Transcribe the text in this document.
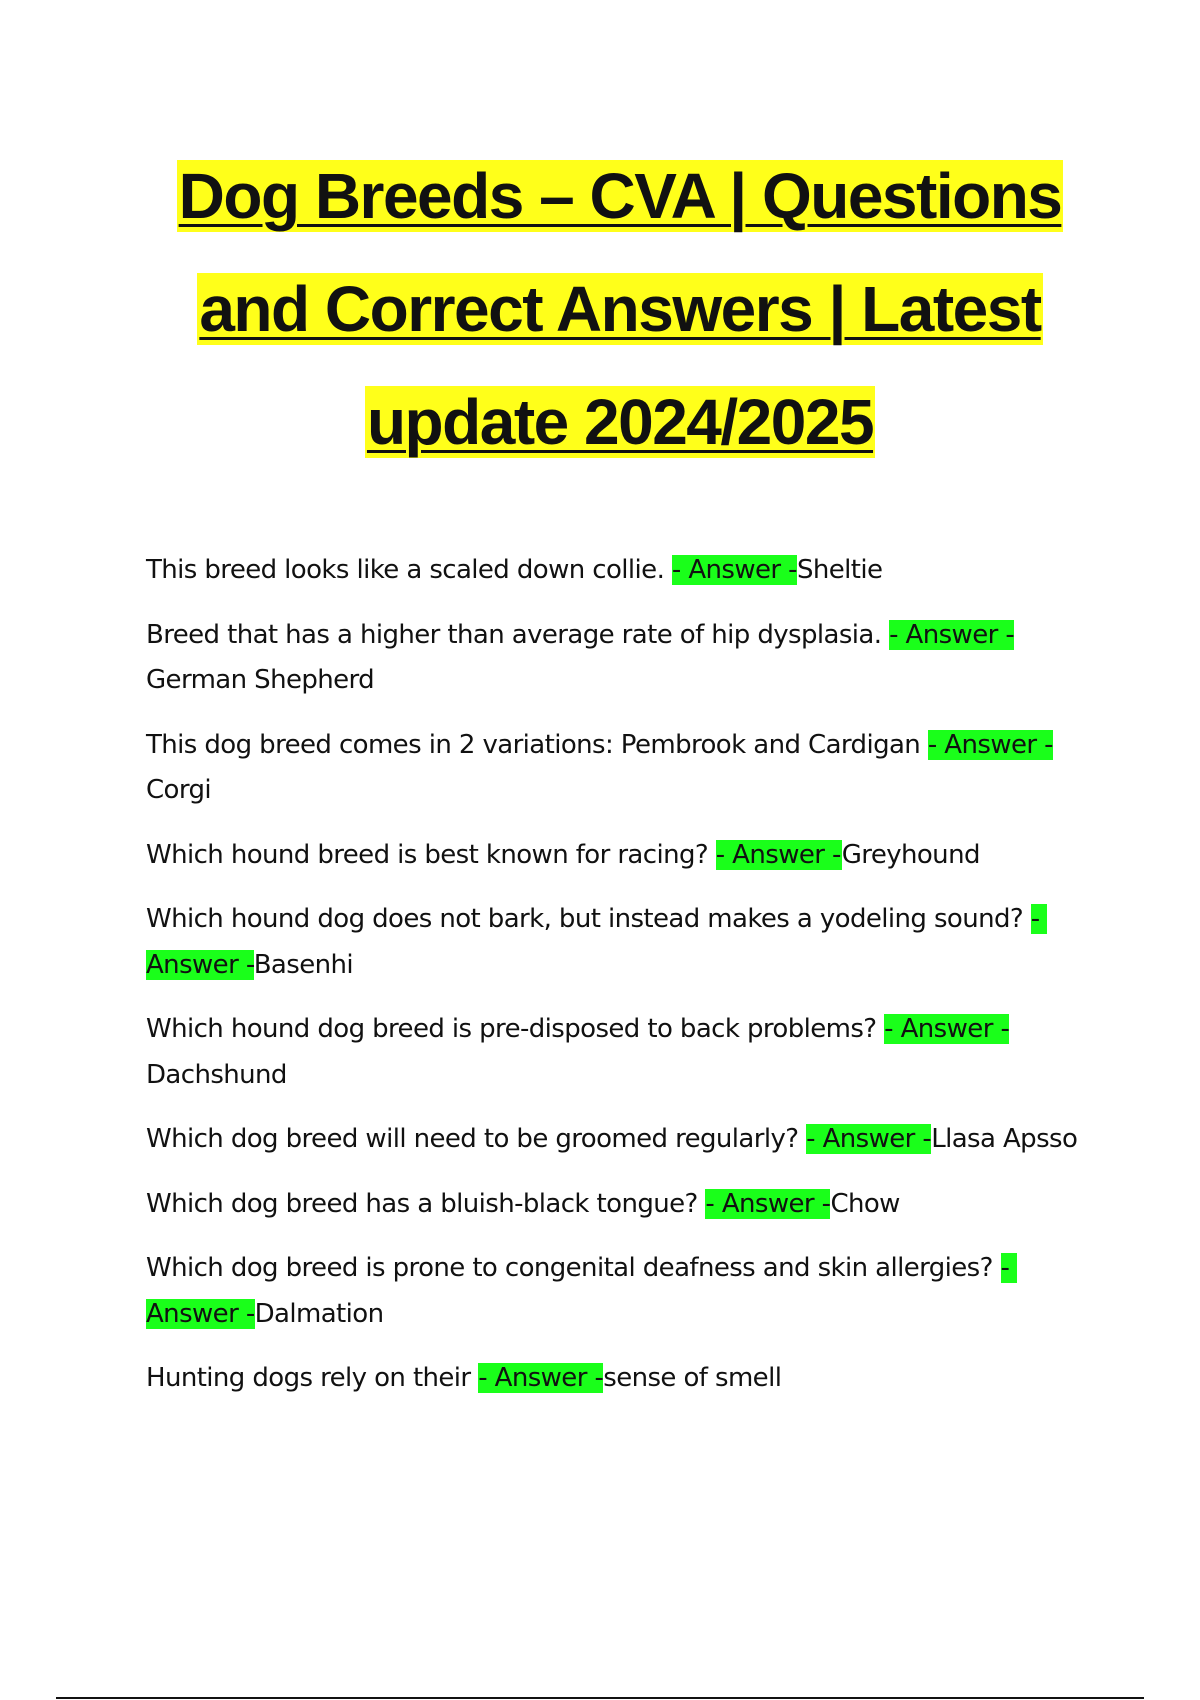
Dog Breeds – CVA | Questions
and Correct Answers | Latest
update 2024/2025
This breed looks like a scaled down collie. - Answer -Sheltie
Breed that has a higher than average rate of hip dysplasia. - Answer - German Shepherd
This dog breed comes in 2 variations: Pembrook and Cardigan - Answer -Corgi
Which hound breed is best known for racing? - Answer -Greyhound
Which hound dog does not bark, but instead makes a yodeling sound? - Answer -Basenhi
Which hound dog breed is pre-disposed to back problems? - Answer - Dachshund
Which dog breed will need to be groomed regularly? - Answer -Llasa Apsso
Which dog breed has a bluish-black tongue? - Answer -Chow
Which dog breed is prone to congenital deafness and skin allergies? - Answer -Dalmation
Hunting dogs rely on their - Answer -sense of smell
